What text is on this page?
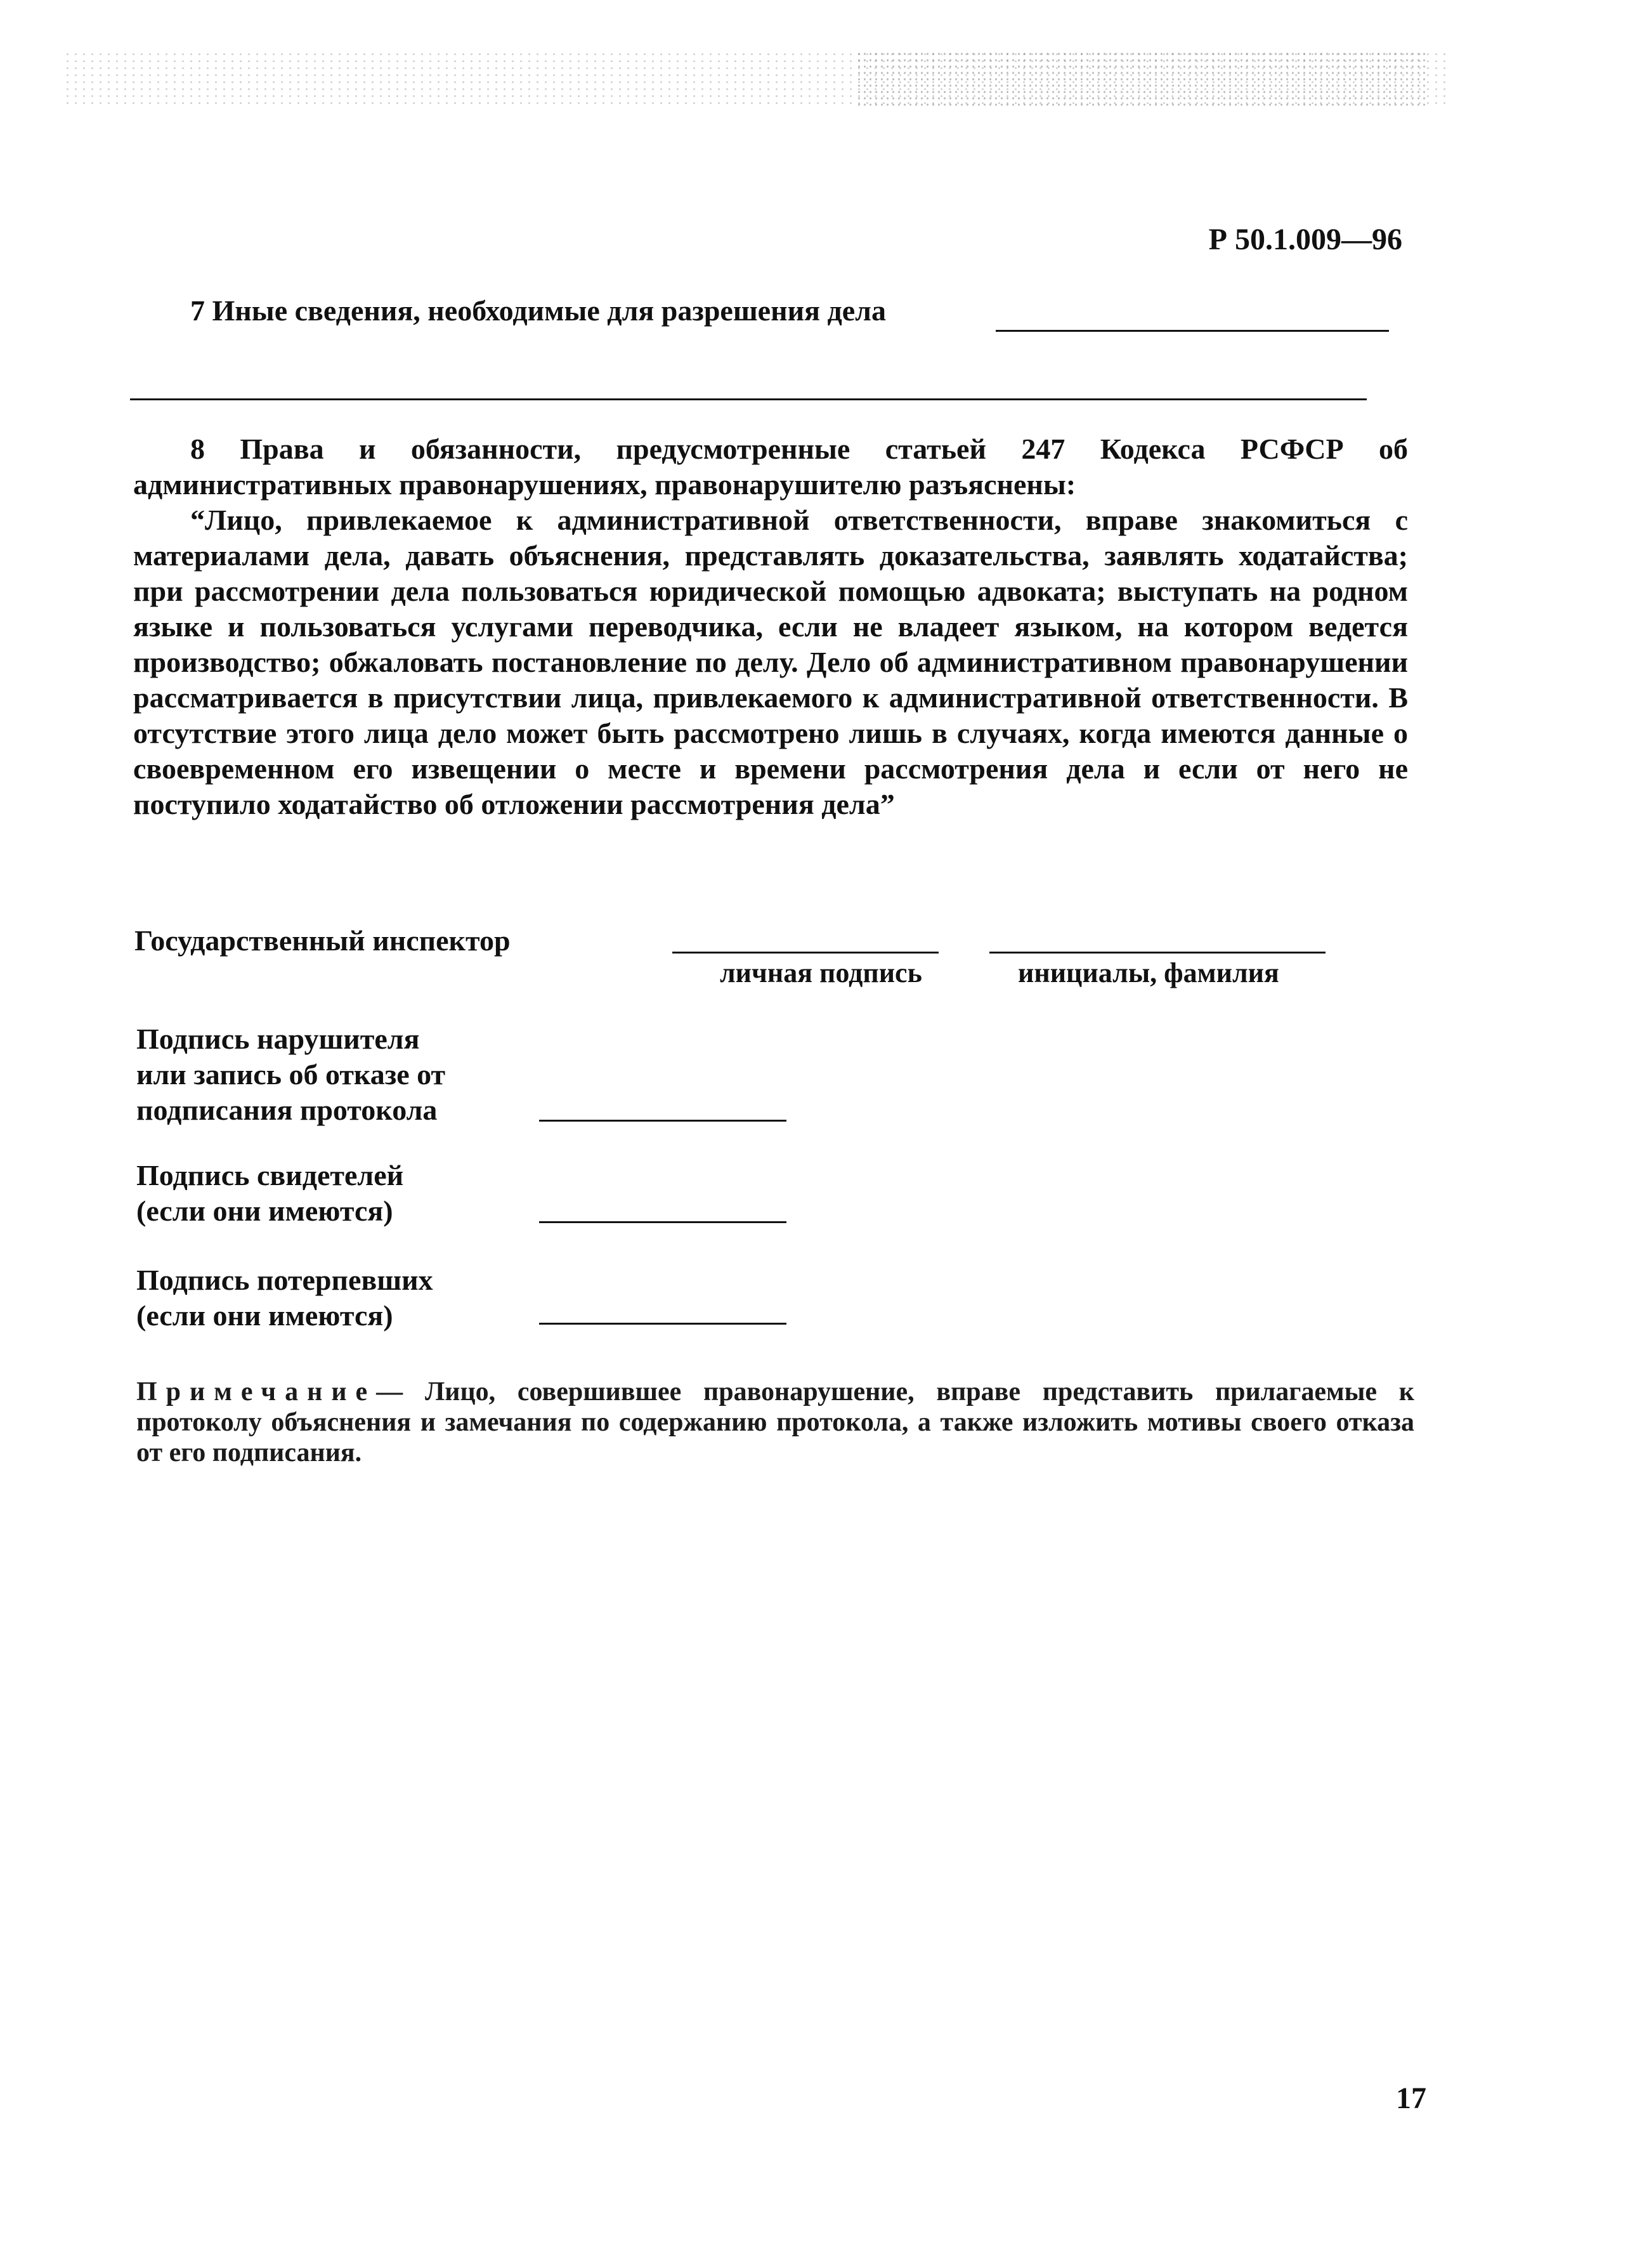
Р 50.1.009—96
7 Иные сведения, необходимые для разрешения дела

8 Права и обязанности, предусмотренные статьей 247 Кодекса РСФСР об административных правонарушениях, правонарушителю разъяснены:

“Лицо, привлекаемое к административной ответственности, вправе знакомиться с материалами дела, давать объяснения, представлять доказательства, заявлять ходатайства; при рассмотрении дела пользоваться юридической помощью адвоката; выступать на родном языке и пользоваться услугами переводчика, если не владеет языком, на котором ведется производство; обжаловать постановление по делу. Дело об административном правонарушении рассматривается в присутствии лица, привлекаемого к административной ответственности. В отсутствие этого лица дело может быть рассмотрено лишь в случаях, когда имеются данные о своевременном его извещении о месте и времени рассмотрения дела и если от него не поступило ходатайство об отложении рассмотрения дела”

Государственный инспектор
личная подпись	инициалы, фамилия
Подпись нарушителя
или запись об отказе от
подписания протокола
Подпись свидетелей
(если они имеются)
Подпись потерпевших
(если они имеются)
Примечание— Лицо, совершившее правонарушение, вправе представить прилагаемые к протоколу объяснения и замечания по содержанию протокола, а также изложить мотивы своего отказа от его подписания.
17
